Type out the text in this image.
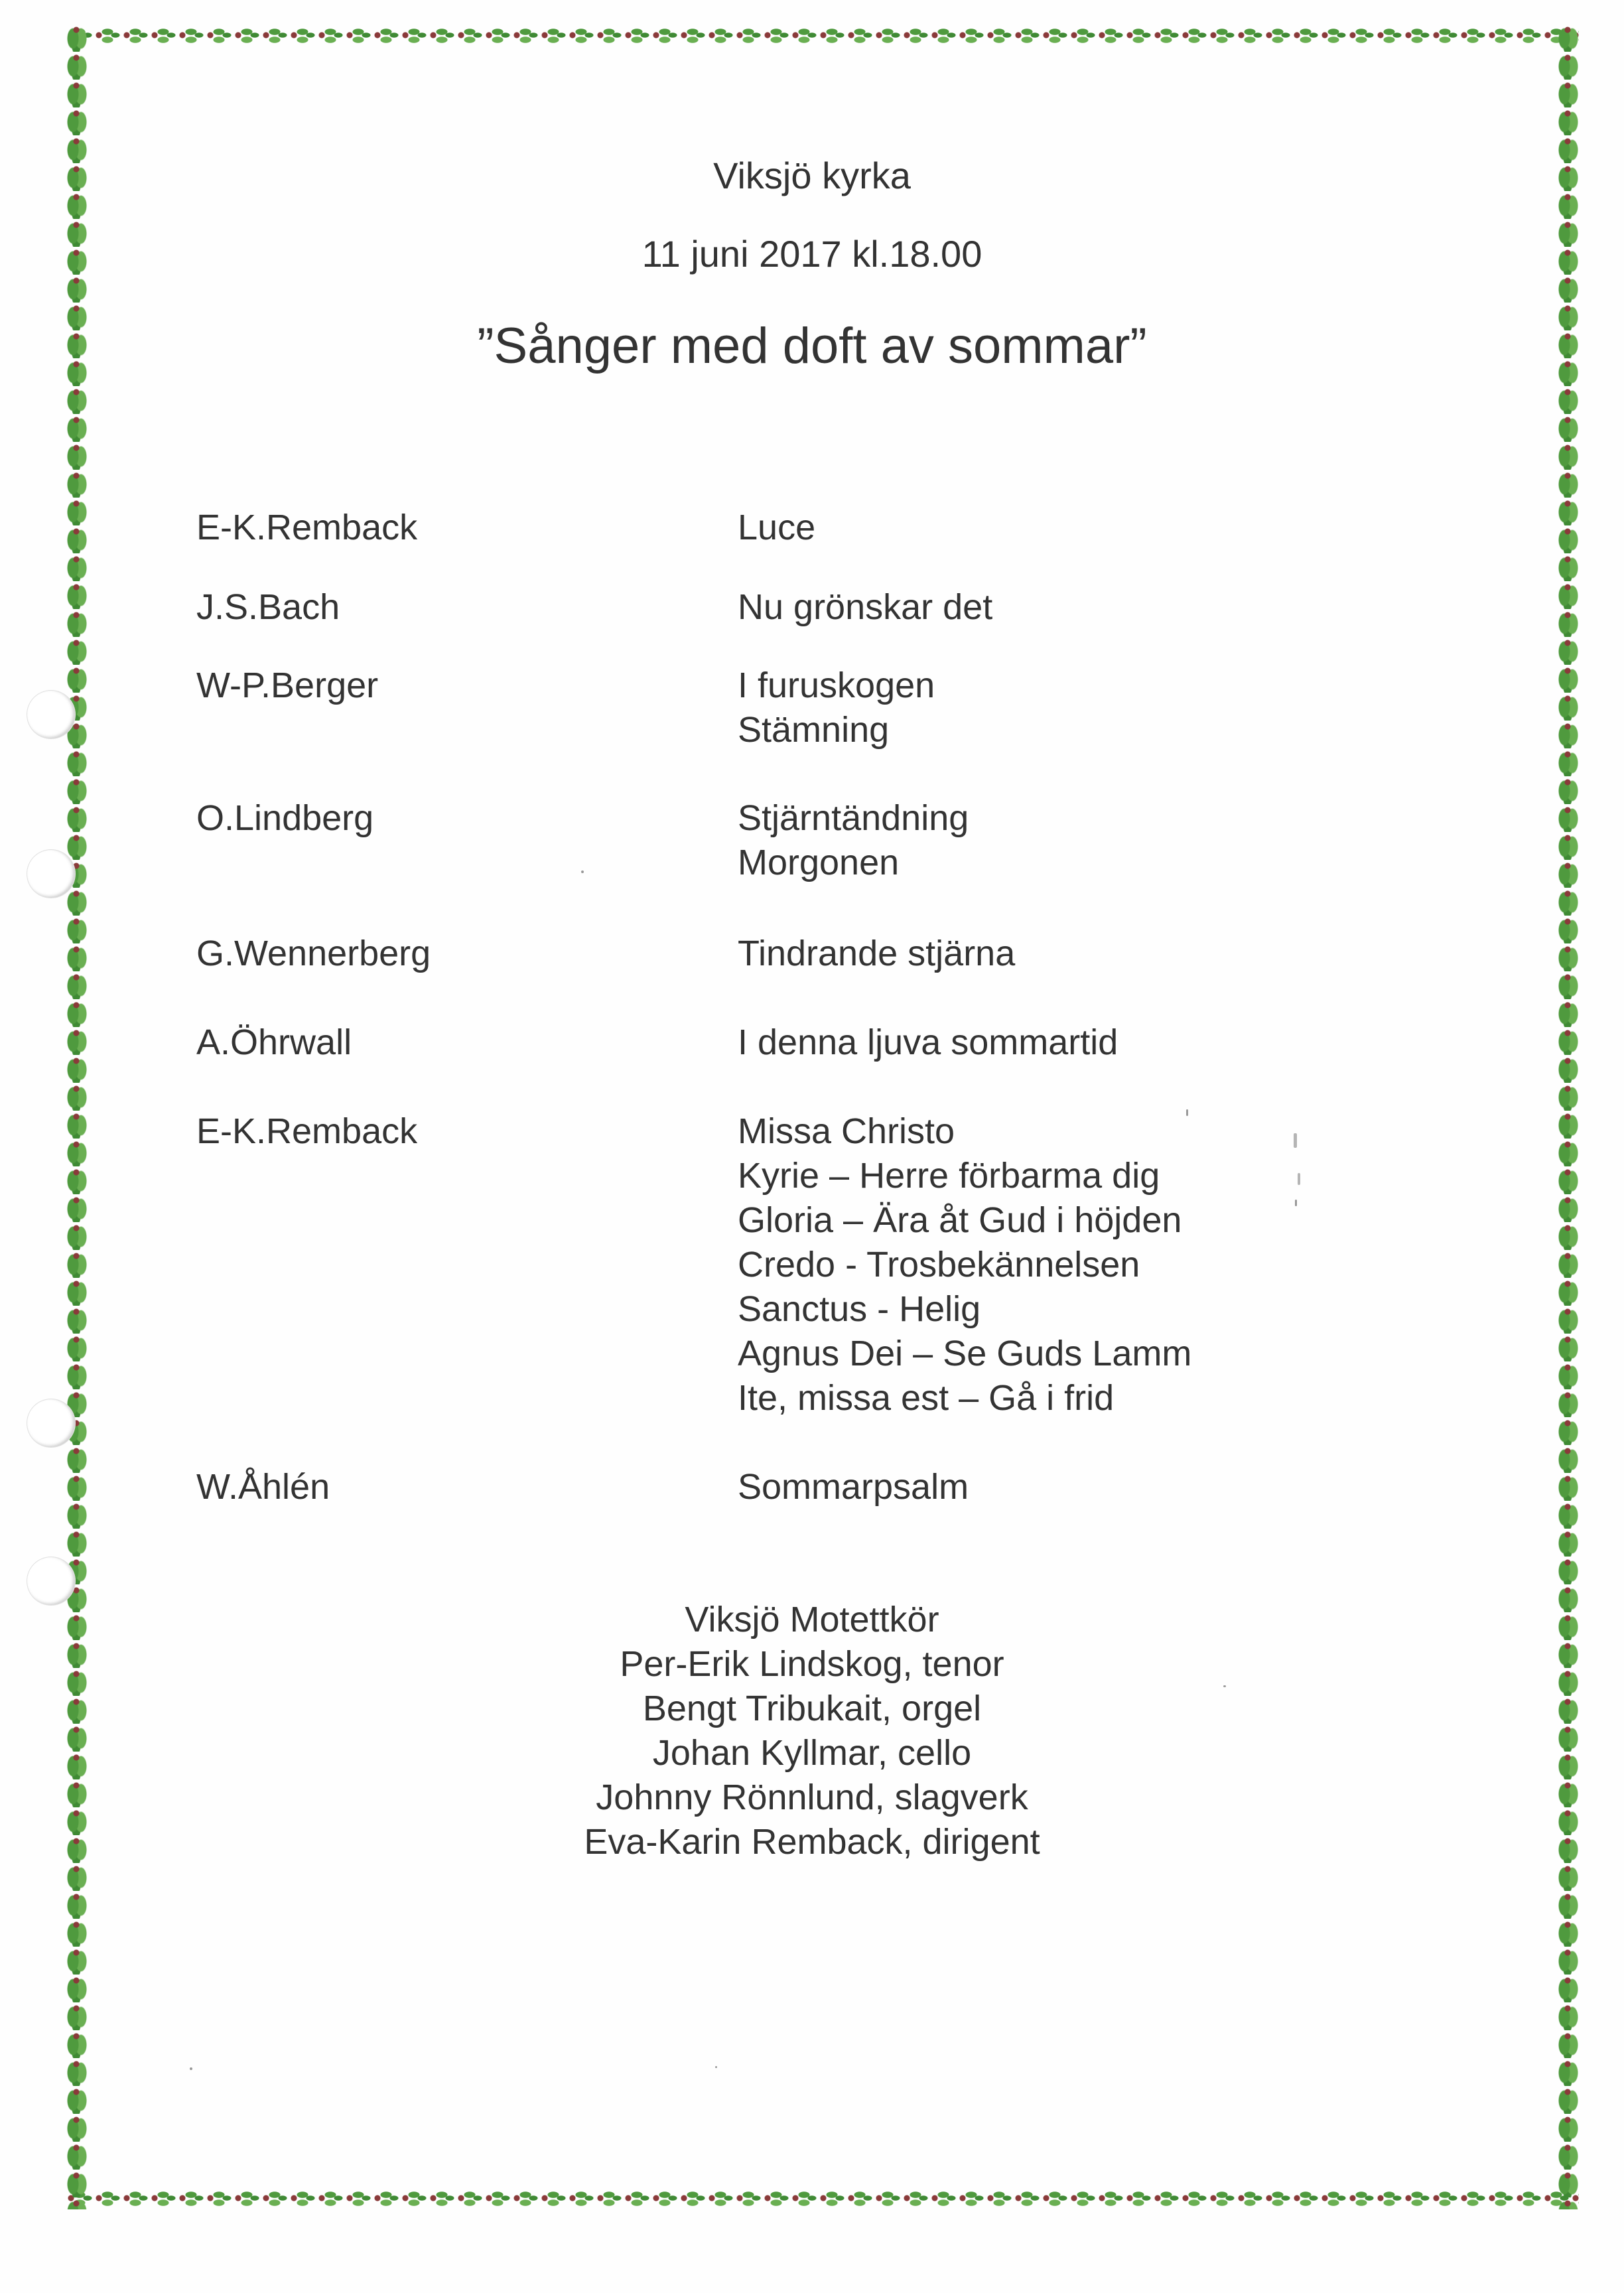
Viksjö kyrka
11 juni 2017 kl.18.00
”Sånger med doft av sommar”
E-K.Remback	Luce
J.S.Bach	Nu grönskar det
W-P.Berger	I furuskogen
Stämning
O.Lindberg	Stjärntändning
Morgonen
G.Wennerberg	Tindrande stjärna
A.Öhrwall	I denna ljuva sommartid
E-K.Remback	Missa Christo
Kyrie – Herre förbarma dig
Gloria – Ära åt Gud i höjden
Credo - Trosbekännelsen
Sanctus - Helig
Agnus Dei – Se Guds Lamm
Ite, missa est – Gå i frid
W.Åhlén	Sommarpsalm
Viksjö Motettkör
Per-Erik Lindskog, tenor
Bengt Tribukait, orgel
Johan Kyllmar, cello
Johnny Rönnlund, slagverk
Eva-Karin Remback, dirigent
